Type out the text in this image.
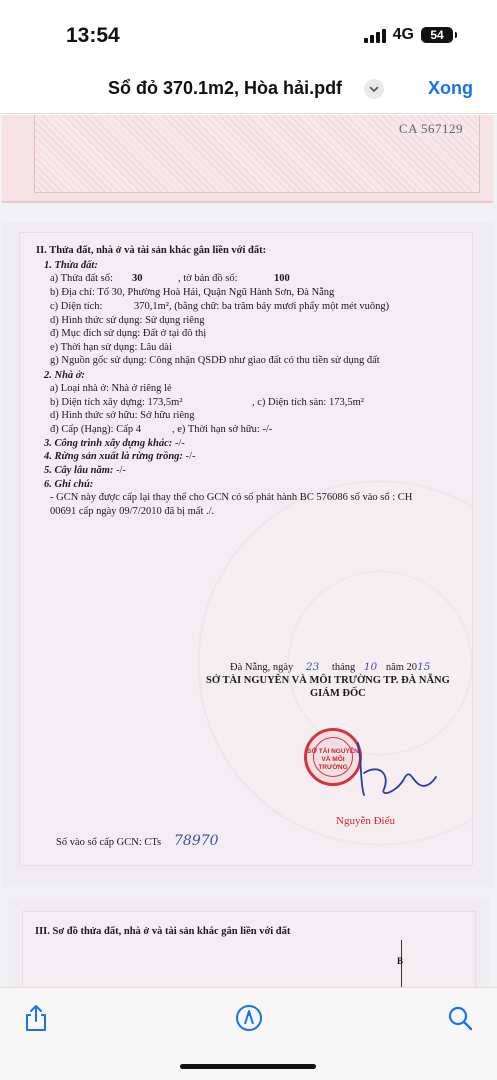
13:54	4G	54
Sổ đỏ 370.1m2, Hòa hải.pdf	Xong
CA 567129
II. Thửa đất, nhà ở và tài sản khác gắn liền với đất:
1. Thửa đất:
a) Thửa đất số: 30	, tờ bản đồ số:	100
b) Địa chỉ: Tổ 30, Phường Hoà Hải, Quận Ngũ Hành Sơn, Đà Nẵng
c) Diện tích:	370,1m², (bằng chữ: ba trăm bảy mươi phẩy một mét vuông)
d) Hình thức sử dụng: Sử dụng riêng
đ) Mục đích sử dụng: Đất ở tại đô thị
e) Thời hạn sử dụng: Lâu dài
g) Nguồn gốc sử dụng: Công nhận QSDĐ như giao đất có thu tiền sử dụng đất
2. Nhà ở:
a) Loại nhà ở: Nhà ở riêng lẻ
b) Diện tích xây dựng: 173,5m²	, c) Diện tích sàn: 173,5m²
d) Hình thức sở hữu: Sở hữu riêng
đ) Cấp (Hạng): Cấp 4	, e) Thời hạn sở hữu: -/-
3. Công trình xây dựng khác: -/-
4. Rừng sản xuất là rừng trồng: -/-
5. Cây lâu năm: -/-
6. Ghi chú:
- GCN này được cấp lại thay thế cho GCN có số phát hành BC 576086 số vào sổ : CH
00691 cấp ngày 09/7/2010 đã bị mất ./.
Đà Nẵng, ngày 23 tháng 10 năm 2015
SỞ TÀI NGUYÊN VÀ MÔI TRƯỜNG TP. ĐÀ NẴNG
GIÁM ĐỐC
SỞ TÀI NGUYÊN VÀ MÔI TRƯỜNG
Nguyễn Điểu
Số vào sổ cấp GCN: CTs 78970
III. Sơ đồ thửa đất, nhà ở và tài sản khác gắn liền với đất
B
